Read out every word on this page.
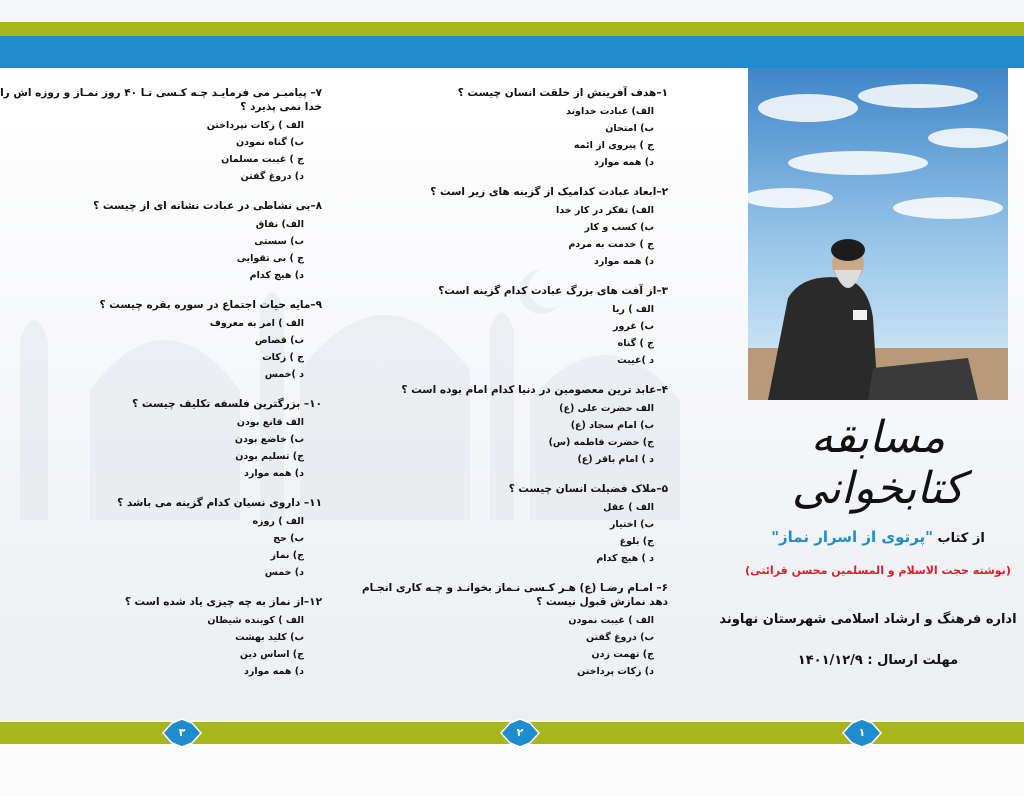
مسابقه کتابخوانی
از کتاب "پرتوی از اسرار نماز"
(نوشته حجت الاسلام و المسلمین محسن قرائتی)
اداره فرهنگ و ارشاد اسلامی شهرستان نهاوند
مهلت ارسال : ۱۴۰۱/۱۲/۹
۱–هدف آفرینش از خلقت انسان چیست ؟
الف) عبادت خداوند
ب) امتحان
ج ) پیروی از ائمه
د) همه موارد
۲–ابعاد عبادت کدامیک از گزینه های زیر است ؟
الف) تفکر در کار خدا
ب) کسب و کار
ج ) خدمت به مردم
د) همه موارد
۳–از آفت های بزرگ عبادت کدام گزینه است؟
الف ) ریا
ب) غرور
ج ) گناه
د )غیبت
۴–عابد ترین معصومین در دنیا کدام امام بوده است ؟
الف حضرت علی (ع)
ب) امام سجاد (ع)
ج) حضرت فاطمه (س)
د ) امام باقر (ع)
۵–ملاک فضیلت انسان چیست ؟
الف ) عقل
ب) اختیار
ج) بلوغ
د ) هیچ کدام
۶– امـام رضـا (ع) هـر کـسی نـماز بخوانـد و چـه کاری انجـام دهد نمازش قبول نیست ؟
الف ) غیبت نمودن
ب) دروغ گفتن
ج) تهمت زدن
د) زکات پرداختن
۷– پیامبـر می فرمایـد چـه کـسی تـا ۴۰ روز نمـاز و روزه اش را خدا نمی پذیرد ؟
الف ) زکات نپرداختن
ب) گناه نمودن
ج ) غیبت مسلمان
د) دروغ گفتن
۸–بی نشاطی در عبادت نشانه ای از چیست ؟
الف) نفاق
ب) سستی
ج ) بی تقوایی
د) هیچ کدام
۹–مایه حیات اجتماع در سوره بقره چیست ؟
الف ) امر به معروف
ب) قصاص
ج ) زکات
د )خمس
۱۰– بزرگترین فلسفه تکلیف چیست ؟
الف قانع بودن
ب) خاضع بودن
ج) تسلیم بودن
د) همه موارد
۱۱– داروی نسیان کدام گزینه می باشد ؟
الف ) روزه
ب) حج
ج) نماز
د) خمس
۱۲–از نماز به چه چیزی یاد شده است ؟
الف ) کوبنده شیطان
ب) کلید بهشت
ج) اساس دین
د) همه موارد
۱
۲
۳
